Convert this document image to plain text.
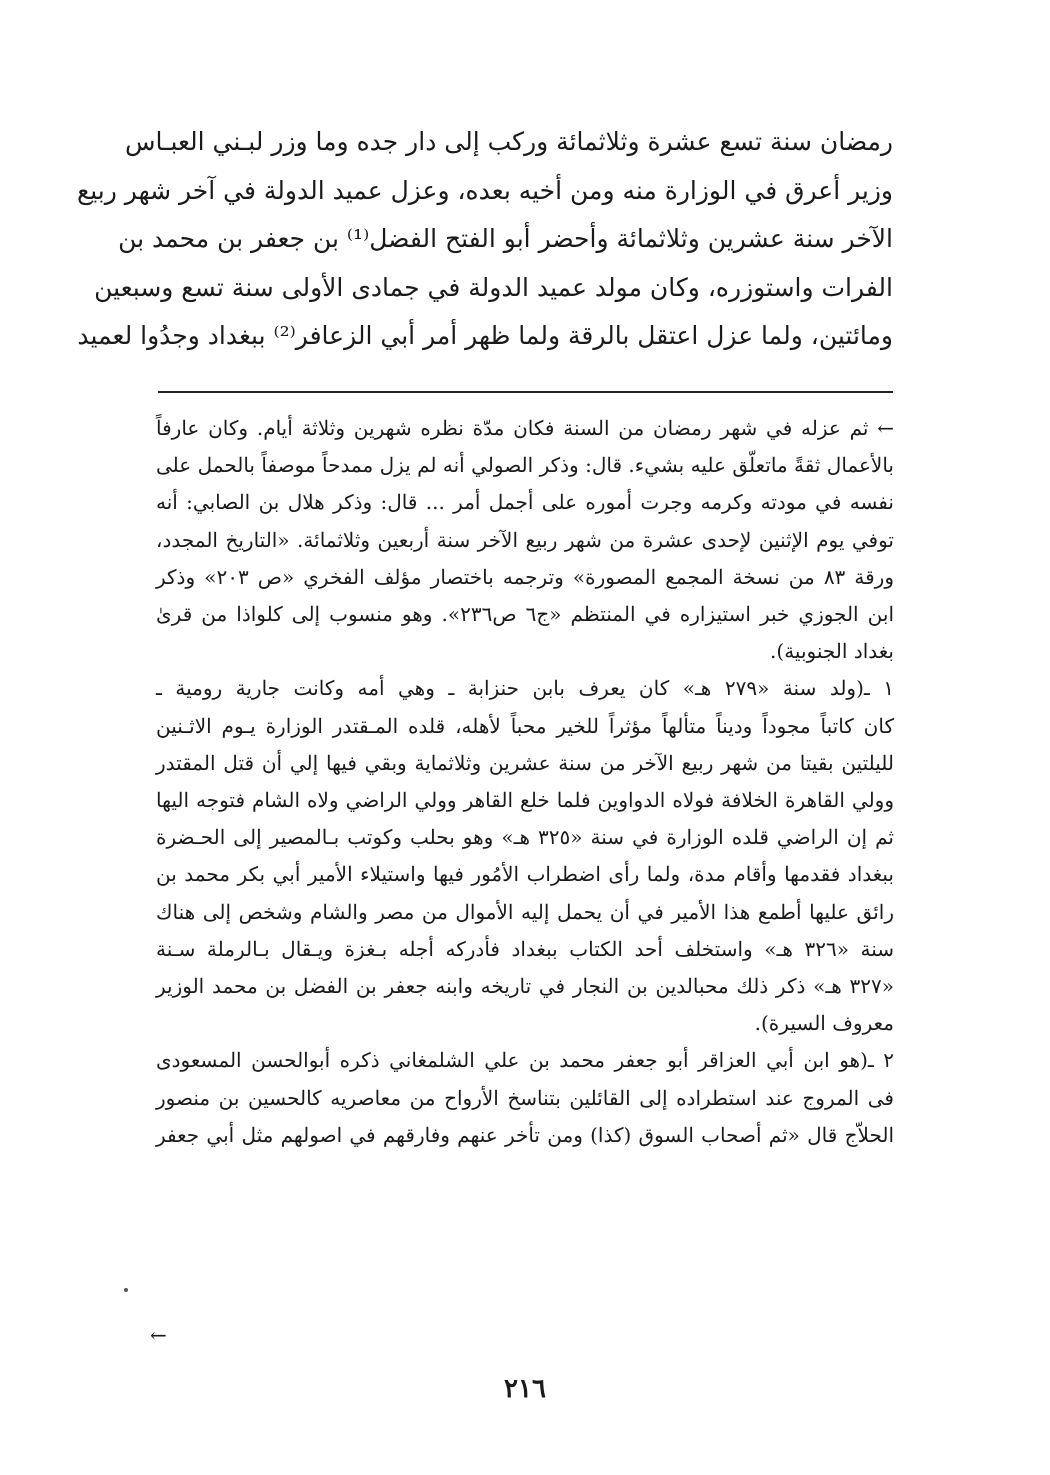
رمضان سنة تسع عشرة وثلاثمائة وركب إلى دار جده وما وزر لبـني العبـاس
وزير أعرق في الوزارة منه ومن أخيه بعده، وعزل عميد الدولة في آخر شهر ربيع
الآخر سنة عشرين وثلاثمائة وأحضر أبو الفتح الفضل⁽¹⁾ بن جعفر بن محمد بن
الفرات واستوزره، وكان مولد عميد الدولة في جمادى الأولى سنة تسع وسبعين
ومائتين، ولما عزل اعتقل بالرقة ولما ظهر أمر أبي الزعافر⁽²⁾ ببغداد وجدُوا لعميد
← ثم عزله في شهر رمضان من السنة فكان مدّة نظره شهرين وثلاثة أيام. وكان عارفاً
بالأعمال ثقةً ماتعلّق عليه بشيء. قال: وذكر الصولي أنه لم يزل ممدحاً موصفاً بالحمل على
نفسه في مودته وكرمه وجرت أموره على أجمل أمر ... قال: وذكر هلال بن الصابي: أنه
توفي يوم الإثنين لإحدى عشرة من شهر ربيع الآخر سنة أربعين وثلاثمائة. «التاريخ المجدد،
ورقة ٨٣ من نسخة المجمع المصورة» وترجمه باختصار مؤلف الفخري «ص ٢٠٣» وذكر
ابن الجوزي خبر استيزاره في المنتظم «ج٦ ص٢٣٦». وهو منسوب إلى كلواذا من قرىٰ
بغداد الجنوبية).
١ ـ(ولد سنة «٢٧٩ هـ» كان يعرف بابن حنزابة ـ وهي أمه وكانت جارية رومية ـ
كان كاتباً مجوداً وديناً متألهاً مؤثراً للخير محباً لأهله، قلده المـقتدر الوزارة يـوم الاثـنين
لليلتين بقيتا من شهر ربيع الآخر من سنة عشرين وثلاثماية وبقي فيها إلي أن قتل المقتدر
وولي القاهرة الخلافة فولاه الدواوين فلما خلع القاهر وولي الراضي ولاه الشام فتوجه اليها
ثم إن الراضي قلده الوزارة في سنة «٣٢٥ هـ» وهو بحلب وكوتب بـالمصير إلى الحـضرة
ببغداد فقدمها وأقام مدة، ولما رأى اضطراب الأمُور فيها واستيلاء الأمير أبي بكر محمد بن
رائق عليها أطمع هذا الأمير في أن يحمل إليه الأموال من مصر والشام وشخص إلى هناك
سنة «٣٢٦ هـ» واستخلف أحد الكتاب ببغداد فأدركه أجله بـغزة ويـقال بـالرملة سـنة
«٣٢٧ هـ» ذكر ذلك محبالدين بن النجار في تاريخه وابنه جعفر بن الفضل بن محمد الوزير
معروف السيرة).
٢ ـ(هو ابن أبي العزاقر أبو جعفر محمد بن علي الشلمغاني ذكره أبوالحسن المسعودى
فى المروج عند استطراده إلى القائلين بتناسخ الأرواح من معاصريه كالحسين بن منصور
الحلاّج قال «ثم أصحاب السوق (كذا) ومن تأخر عنهم وفارقهم في اصولهم مثل أبي جعفر
←
٢١٦
